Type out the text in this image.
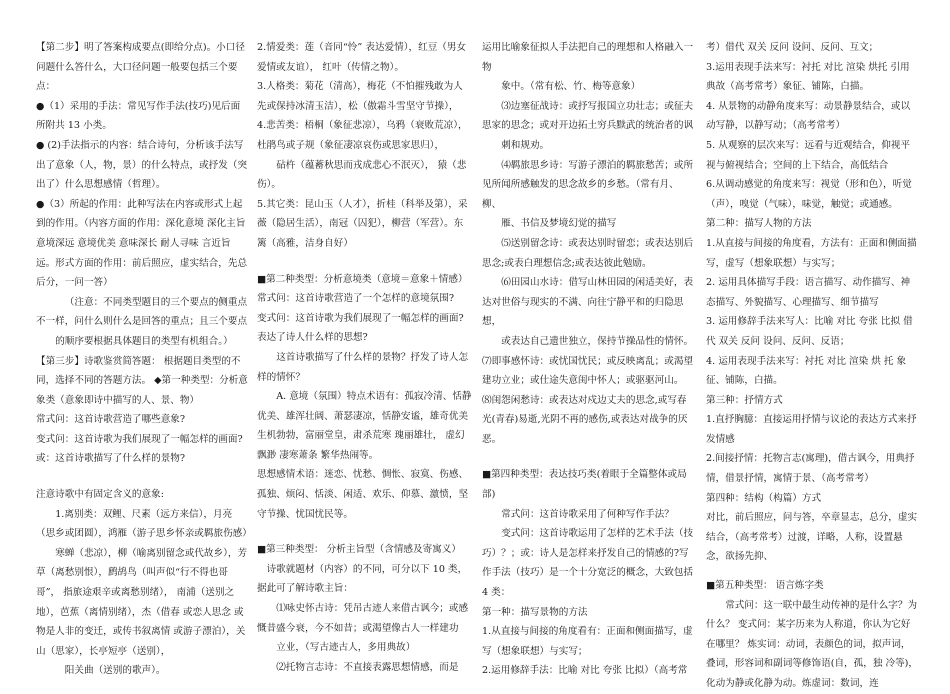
【第二步】明了答案构成要点(即给分点)。小口径问题什么答什么，大口径问题一般要包括三个要点：

●（1）采用的手法：常见写作手法(技巧)见后面所附共 13 小类。

● (2)手法指示的内容：结合诗句，分析该手法写出了意象（人，物，景）的什么特点，或抒发（突出了）什么思想感情（哲理）。

●（3）所起的作用：此种写法在内容或形式上起到的作用。（内容方面的作用：深化意境 深化主旨 意境深远 意境优美 意味深长 耐人寻味 言近旨远。形式方面的作用：前后照应，虚实结合，先总后分，一问一答）

（注意：不同类型题目的三个要点的侧重点不一样，问什么则什么是回答的重点；且三个要点

的顺序要根据具体题目的类型有机组合。）

【第三步】诗歌鉴赏简答题： 根据题目类型的不同，选择不同的答题方法。 ◆第一种类型：分析意象类（意象即诗中描写的人、景、物）

常式问：这首诗歌营造了哪些意象?

变式问：这首诗歌为我们展现了一幅怎样的画面?或：这首诗歌描写了什么样的景物?

注意诗歌中有固定含义的意象:

1.离别类：双鲤、尺素（远方来信），月亮（思乡或团圆），鸿雁（游子思乡怀亲或羁旅伤感）

寒蝉（悲凉），柳（喻离别留念或代故乡），芳草（离愁别恨），鹧鸪鸟（叫声似“行不得也哥哥”， 指旅途艰辛或离愁别绪）， 南浦（送别之地），芭蕉（离情别绪），杰（借春 或恋人思念 或物是人非的变迁，或传书叙离情 或游子漂泊），关山（思家），长亭短亭（送别），

阳关曲（送别的歌声）。

2.情爱类：莲（音同“怜” 表达爱情），红豆（男女爱情或友谊）， 红叶（传情之物）。

3.人格类：菊花（清高），梅花（不怕摧残敢为人先或保持冰清玉洁），松（傲霜斗雪坚守节操），

4.悲苦类：梧桐（象征悲凉），乌鸦（衰败荒凉），杜鹃鸟或子规（象征凄凉哀伤或思家思归），

砧杵（蕴蓄秋思而戎成悲心不泯灭）， 猿（悲伤）。

5.其它类：昆山玉（人才），折桂（科举及第），采薇（隐居生活），南冠（囚犯），柳营（军营）。东篱（高雅，洁身自好）

■第二种类型：分析意境类（意境＝意象＋情感）

常式问：这首诗歌营造了一个怎样的意境氛围?

变式问：这首诗歌为我们展现了一幅怎样的画面?表达了诗人什么样的思想?

这首诗歌描写了什么样的景物？抒发了诗人怎样的情怀？

A. 意境（氛围）特点术语有：孤寂冷清、恬静优美、雄浑壮阔、萧瑟凄凉，恬静安谧，雄奇优美 生机勃勃，富丽堂皇，肃杀荒寒 瑰丽雄壮， 虚幻飘渺 凄寒萧条 繁华热闹等。

思想感情术语：迷恋、忧愁、惆怅、寂寞、伤感、孤独、烦闷、恬淡、闲适、欢乐、仰慕、激愤，坚守节操、忧国忧民等。

■第三种类型： 分析主旨型（含情感及寄寓义）

诗歌就题材（内容）的不同，可分以下 10 类，据此可了解诗歌主旨：

⑴咏史怀古诗：凭吊古迹人来借古讽今；或感慨昔盛今衰，今不如昔；或渴望像古人一样建功

立业，（写古迹古人，多用典故）

⑵托物言志诗：不直接表露思想情感，而是

运用比喻象征拟人手法把自己的理想和人格融入一物

象中。（常有松、竹、梅等意象）

⑶边塞征战诗：或抒写报国立功壮志；或征夫思家的思念；或对开边拓土穷兵黩武的统治者的讽

刺和规劝。

⑷羁旅思乡诗：写游子漂泊的羁旅愁苦；或所见所闻所感触发的思念故乡的乡愁。（常有月、柳、

雁、书信及梦境幻觉的描写

⑸送别留念诗：或表达别时留恋；或表达别后思念;或表白理想信念;或表达彼此勉励。

⑹田园山水诗：借写山林田园的闲适美好，表达对世俗与现实的不满、向往宁静平和的归隐思想，

或表达自己遗世独立，保持节操品性的情怀。

⑺即事感怀诗：或忧国忧民；或反映离乱；或渴望建功立业；或仕途失意闺中怀人；或驱驱河山。

⑻闺怨闲愁诗：或表达对戍边丈夫的思念,或写春光(青春)易逝,光阴不再的感伤,或表达对战争的厌恶。

■第四种类型：表达技巧类(着眼于全篇整体或局部)

常式问：这首诗歌采用了何种写作手法？

变式问：这首诗歌运用了怎样的艺术手法（技巧）？；或：诗人是怎样来抒发自己的情感的?写作手法（技巧）是一个十分宽泛的概念，大致包括 4 类：

第一种：描写景物的方法

1.从直接与间接的角度看有：正面和侧面描写，虚写（想象联想）与实写；

2.运用修辞手法：比喻 对比 夸张 比拟）（高考常

考）借代 双关 反问 设问、反问、互文；

3.运用表现手法来写：衬托 对比 渲染 烘托 引用典故（高考常考）象征、铺陈，白描。

4. 从景物的动静角度来写：动景静景结合，或以动写静，以静写动；（高考常考）

5. 从观察的层次来写：远看与近观结合，仰视平视与俯视结合；空间的上下结合，高低结合

6.从调动感觉的角度来写：视觉（形和色），听觉（声），嗅觉（气味），味觉，触觉；或通感。

第二种：描写人物的方法

1.从直接与间接的角度看，方法有：正面和侧面描写，虚写（想象联想）与实写；

2. 运用具体描写手段：语言描写、动作描写、神态描写、外貌描写、心理描写、细节描写

3. 运用修辞手法来写人：比喻 对比 夸张 比拟 借代 双关 反问 设问、反问、反语；

4. 运用表现手法来写：衬托 对比 渲染 烘 托 象征、铺陈，白描。

第三种：抒情方式

1.直抒胸臆：直接运用抒情与议论的表达方式来抒发情感

2.间接抒情：托物言志(寓理)，借古讽今，用典抒情，借景抒情，寓情于景、（高考常考）

第四种：结构（构篇）方式

对比，前后照应，问与答，卒章显志，总分，虚实结合，（高考常考）过渡，详略，人称，设置悬念，欲扬先抑、

■第五种类型： 语言炼字类

常式问：这一联中最生动传神的是什么字？为什么？ 变式问：某字历来为人称道，你认为它好在哪里？ 炼实词：动词，表颜色的词，拟声词，叠词，形容词和副词等修饰语(自，孤，独 冷等)，化动为静或化静为动。炼虚词：数词，连
